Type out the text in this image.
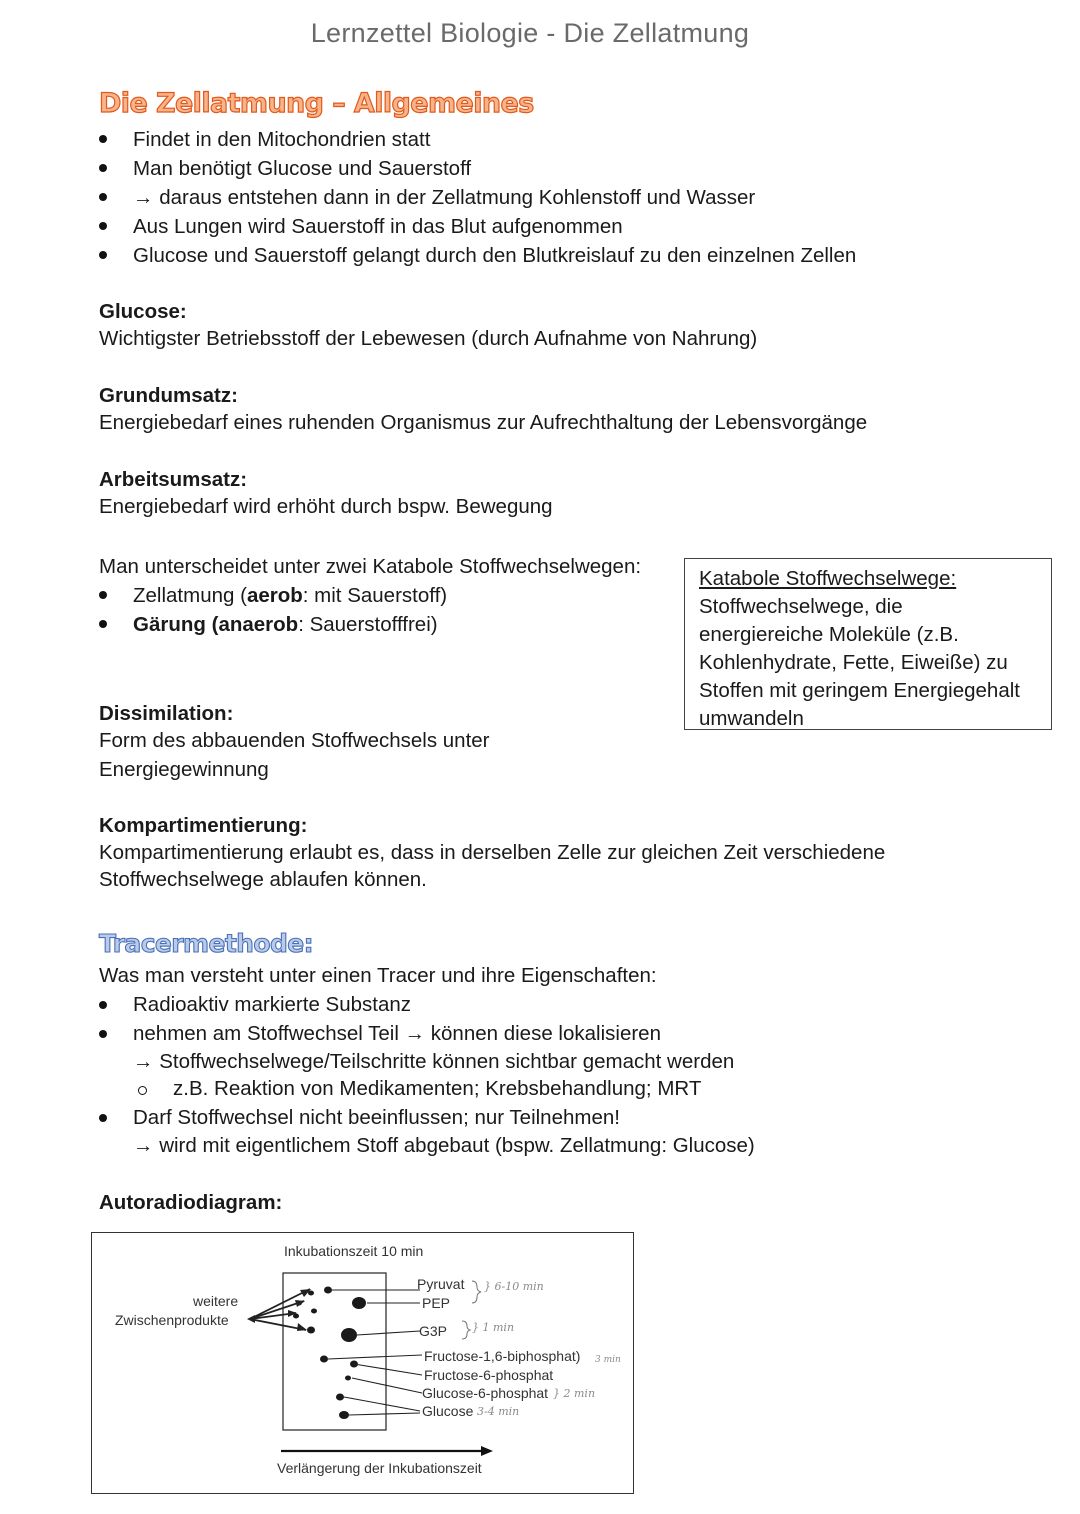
Lernzettel Biologie - Die Zellatmung
Die Zellatmung – Allgemeines
Findet in den Mitochondrien statt
Man benötigt Glucose und Sauerstoff
→ daraus entstehen dann in der Zellatmung Kohlenstoff und Wasser
Aus Lungen wird Sauerstoff in das Blut aufgenommen
Glucose und Sauerstoff gelangt durch den Blutkreislauf zu den einzelnen Zellen
Glucose:
Wichtigster Betriebsstoff der Lebewesen (durch Aufnahme von Nahrung)
Grundumsatz:
Energiebedarf eines ruhenden Organismus zur Aufrechthaltung der Lebensvorgänge
Arbeitsumsatz:
Energiebedarf wird erhöht durch bspw. Bewegung
Man unterscheidet unter zwei Katabole Stoffwechselwegen:
Zellatmung (aerob: mit Sauerstoff)
Gärung (anaerob: Sauerstofffrei)
Katabole Stoffwechselwege:
Stoffwechselwege, die
energiereiche Moleküle (z.B.
Kohlenhydrate, Fette, Eiweiße) zu
Stoffen mit geringem Energiegehalt
umwandeln
Dissimilation:
Form des abbauenden Stoffwechsels unter
Energiegewinnung
Kompartimentierung:
Kompartimentierung erlaubt es, dass in derselben Zelle zur gleichen Zeit verschiedene
Stoffwechselwege ablaufen können.
Tracermethode:
Was man versteht unter einen Tracer und ihre Eigenschaften:
Radioaktiv markierte Substanz
nehmen am Stoffwechsel Teil → können diese lokalisieren
→ Stoffwechselwege/Teilschritte können sichtbar gemacht werden
z.B. Reaktion von Medikamenten; Krebsbehandlung; MRT
Darf Stoffwechsel nicht beeinflussen; nur Teilnehmen!
→ wird mit eigentlichem Stoff abgebaut (bspw. Zellatmung: Glucose)
Autoradiodiagram:
Inkubationszeit 10 min
weitere
Zwischenprodukte
Pyruvat } 6-10 min
PEP
G3P } 1 min
Fructose-1,6-biphosphat) 3 min
Fructose-6-phosphat
Glucose-6-phosphat } 2 min
Glucose 3-4 min
Verlängerung der Inkubationszeit
